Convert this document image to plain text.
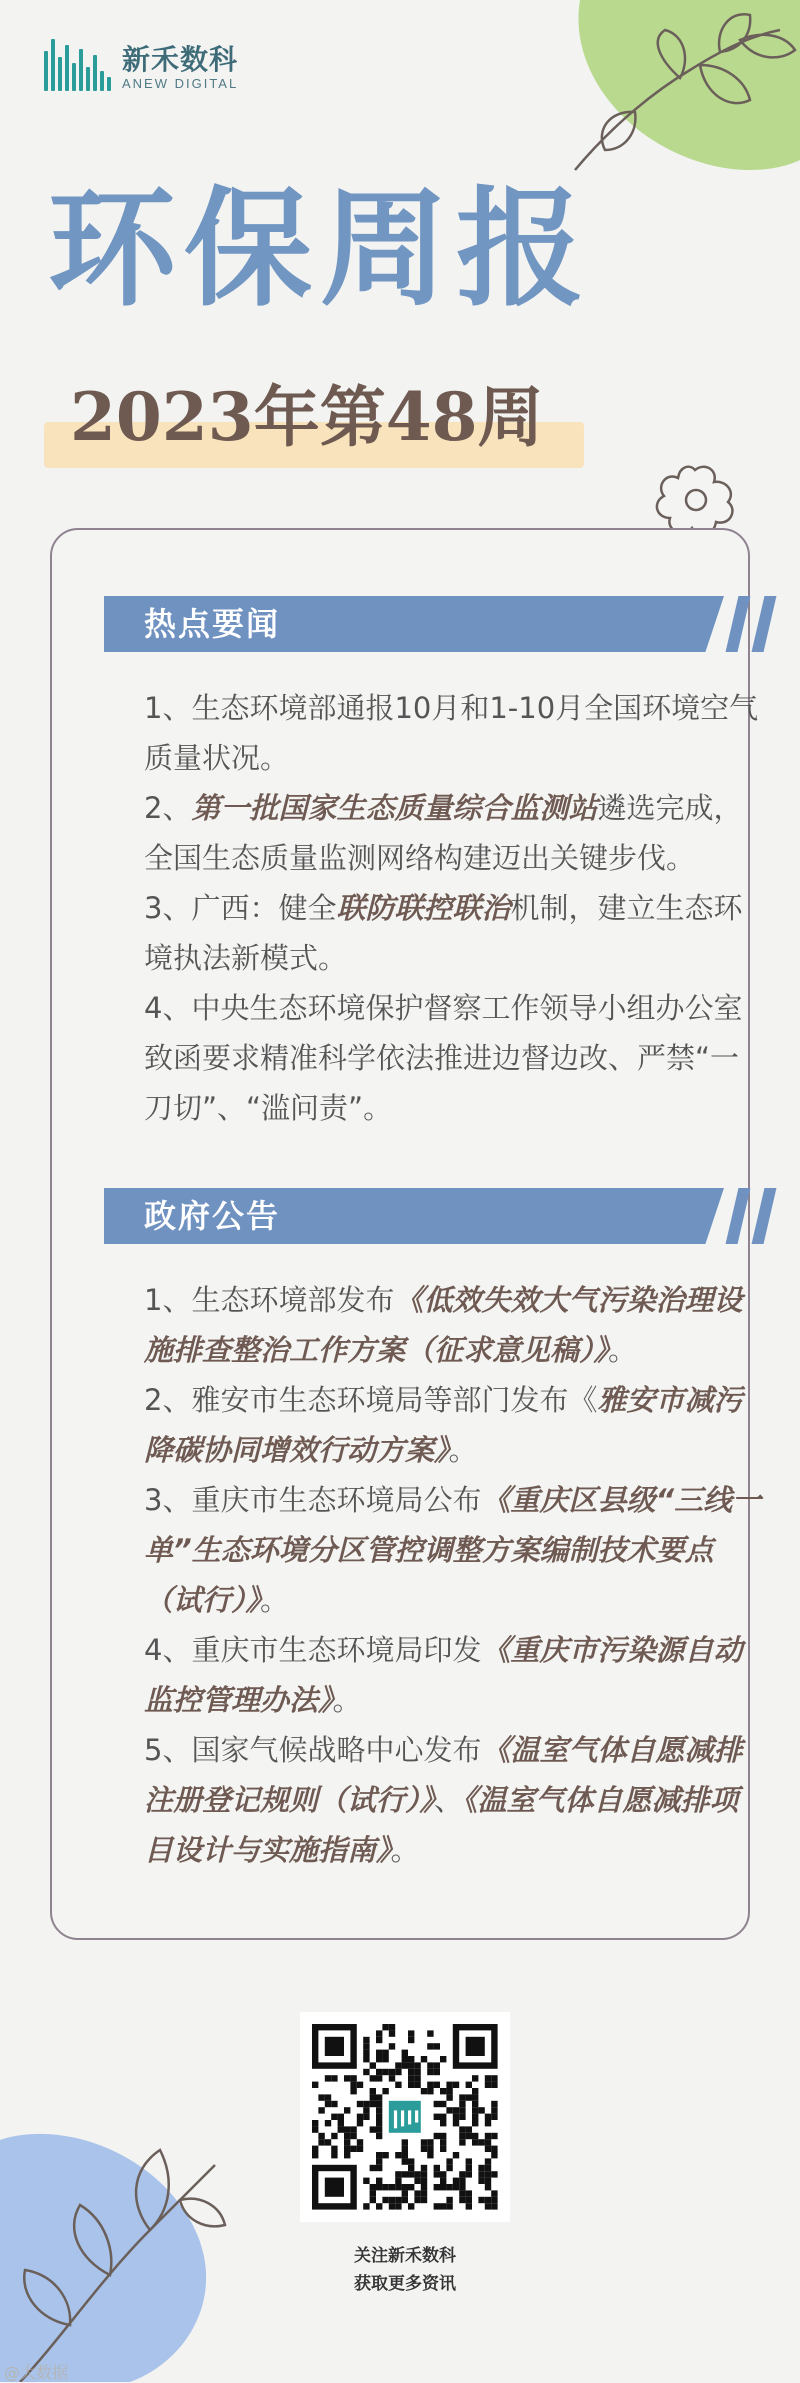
新禾数科
ANEW DIGITAL
环保周报
2023年第48周
热点要闻

1、生态环境部通报10月和1-10月全国环境空气质量状况。

2、第一批国家生态质量综合监测站遴选完成，全国生态质量监测网络构建迈出关键步伐。

3、广西：健全联防联控联治机制，建立生态环境执法新模式。

4、中央生态环境保护督察工作领导小组办公室致函要求精准科学依法推进边督边改、严禁“一刀切”、“滥问责”。

政府公告

1、生态环境部发布《低效失效大气污染治理设施排查整治工作方案（征求意见稿）》。

2、雅安市生态环境局等部门发布《雅安市减污降碳协同增效行动方案》。

3、重庆市生态环境局公布《重庆区县级“三线一单”生态环境分区管控调整方案编制技术要点（试行）》。

4、重庆市生态环境局印发《重庆市污染源自动监控管理办法》。

5、国家气候战略中心发布《温室气体自愿减排注册登记规则（试行）》、《温室气体自愿减排项目设计与实施指南》。

关注新禾数科
获取更多资讯
@大数据
